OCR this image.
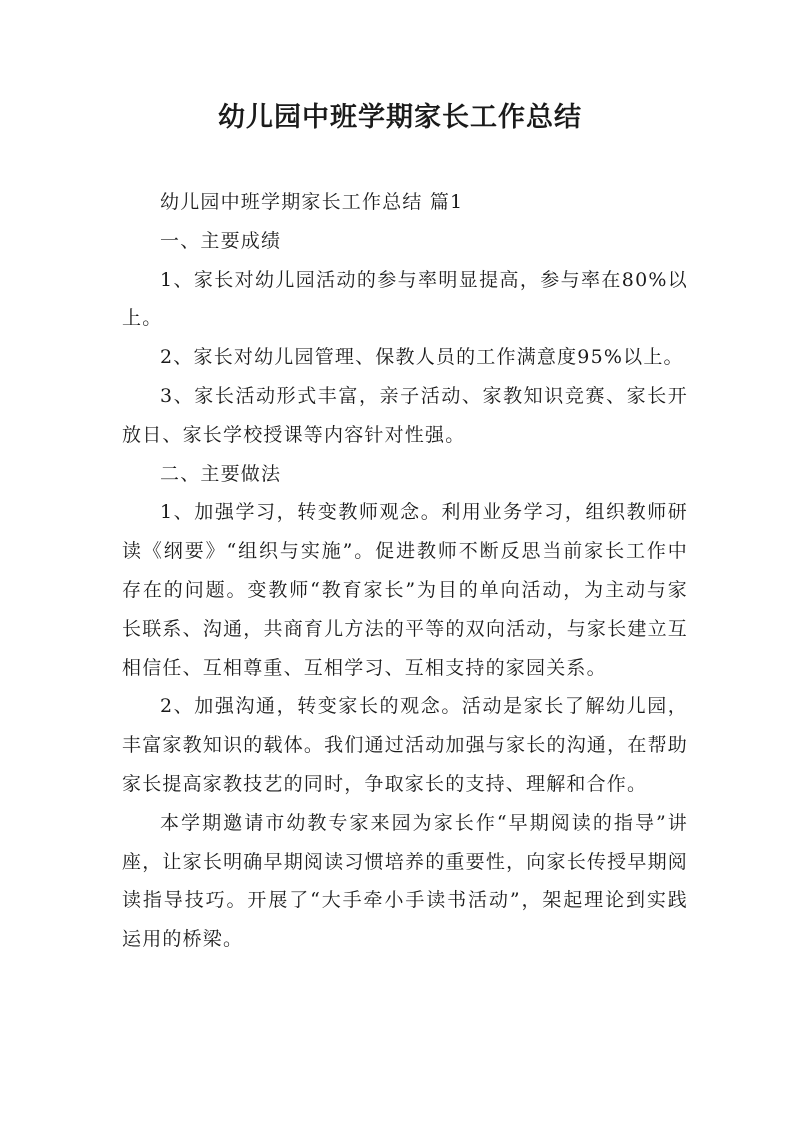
幼儿园中班学期家长工作总结

幼儿园中班学期家长工作总结 篇1

一、主要成绩

1、家长对幼儿园活动的参与率明显提高，参与率在80%以上。

2、家长对幼儿园管理、保教人员的工作满意度95%以上。

3、家长活动形式丰富，亲子活动、家教知识竞赛、家长开放日、家长学校授课等内容针对性强。

二、主要做法

1、加强学习，转变教师观念。利用业务学习，组织教师研读《纲要》“组织与实施”。促进教师不断反思当前家长工作中存在的问题。变教师“教育家长”为目的单向活动，为主动与家长联系、沟通，共商育儿方法的平等的双向活动，与家长建立互相信任、互相尊重、互相学习、互相支持的家园关系。

2、加强沟通，转变家长的观念。活动是家长了解幼儿园，丰富家教知识的载体。我们通过活动加强与家长的沟通，在帮助家长提高家教技艺的同时，争取家长的支持、理解和合作。

本学期邀请市幼教专家来园为家长作“早期阅读的指导”讲座，让家长明确早期阅读习惯培养的重要性，向家长传授早期阅读指导技巧。开展了“大手牵小手读书活动”，架起理论到实践运用的桥梁。
